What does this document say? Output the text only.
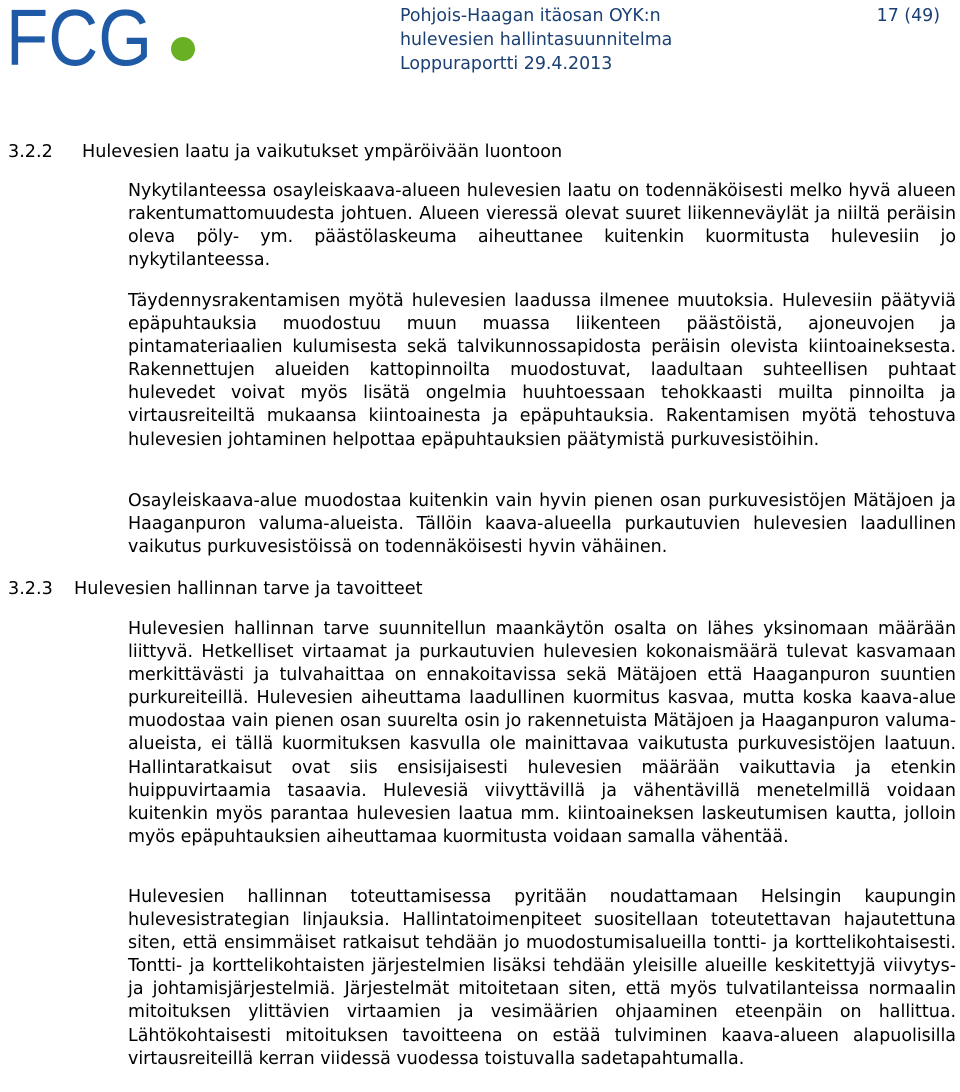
FCG	Pohjois-Haagan itäosan OYK:n
hulevesien hallintasuunnitelma
Loppuraportti 29.4.2013
17 (49)
3.2.2 Hulevesien laatu ja vaikutukset ympäröivään luontoon

Nykytilanteessa osayleiskaava-alueen hulevesien laatu on todennäköisesti melko hyvä alueen rakentumattomuudesta johtuen. Alueen vieressä olevat suuret liikenneväylät ja niiltä peräisin oleva pöly- ym. päästölaskeuma aiheuttanee kuitenkin kuormitusta hulevesiin jo nykytilanteessa.

Täydennysrakentamisen myötä hulevesien laadussa ilmenee muutoksia. Hulevesiin päätyviä epäpuhtauksia muodostuu muun muassa liikenteen päästöistä, ajoneuvojen ja pintamateriaalien kulumisesta sekä talvikunnossapidosta peräisin olevista kiintoaineksesta. Rakennettujen alueiden kattopinnoilta muodostuvat, laadultaan suhteellisen puhtaat hulevedet voivat myös lisätä ongelmia huuhtoessaan tehokkaasti muilta pinnoilta ja virtausreiteiltä mukaansa kiintoainesta ja epäpuhtauksia. Rakentamisen myötä tehostuva hulevesien johtaminen helpottaa epäpuhtauksien päätymistä purkuvesistöihin.

Osayleiskaava-alue muodostaa kuitenkin vain hyvin pienen osan purkuvesistöjen Mätäjoen ja Haaganpuron valuma-alueista. Tällöin kaava-alueella purkautuvien hulevesien laadullinen vaikutus purkuvesistöissä on todennäköisesti hyvin vähäinen.

3.2.3 Hulevesien hallinnan tarve ja tavoitteet

Hulevesien hallinnan tarve suunnitellun maankäytön osalta on lähes yksinomaan määrään liittyvä. Hetkelliset virtaamat ja purkautuvien hulevesien kokonaismäärä tulevat kasvamaan merkittävästi ja tulvahaittaa on ennakoitavissa sekä Mätäjoen että Haaganpuron suuntien purkureiteillä. Hulevesien aiheuttama laadullinen kuormitus kasvaa, mutta koska kaava-alue muodostaa vain pienen osan suurelta osin jo rakennetuista Mätäjoen ja Haaganpuron valuma-alueista, ei tällä kuormituksen kasvulla ole mainittavaa vaikutusta purkuvesistöjen laatuun. Hallintaratkaisut ovat siis ensisijaisesti hulevesien määrään vaikuttavia ja etenkin huippuvirtaamia tasaavia. Hulevesiä viivyttävillä ja vähentävillä menetelmillä voidaan kuitenkin myös parantaa hulevesien laatua mm. kiintoaineksen laskeutumisen kautta, jolloin myös epäpuhtauksien aiheuttamaa kuormitusta voidaan samalla vähentää.

Hulevesien hallinnan toteuttamisessa pyritään noudattamaan Helsingin kaupungin hulevesistrategian linjauksia. Hallintatoimenpiteet suositellaan toteutettavan hajautettuna siten, että ensimmäiset ratkaisut tehdään jo muodostumisalueilla tontti- ja korttelikohtaisesti. Tontti- ja korttelikohtaisten järjestelmien lisäksi tehdään yleisille alueille keskitettyjä viivytys- ja johtamisjärjestelmiä. Järjestelmät mitoitetaan siten, että myös tulvatilanteissa normaalin mitoituksen ylittävien virtaamien ja vesimäärien ohjaaminen eteenpäin on hallittua. Lähtökohtaisesti mitoituksen tavoitteena on estää tulviminen kaava-alueen alapuolisilla virtausreiteillä kerran viidessä vuodessa toistuvalla sadetapahtumalla.
